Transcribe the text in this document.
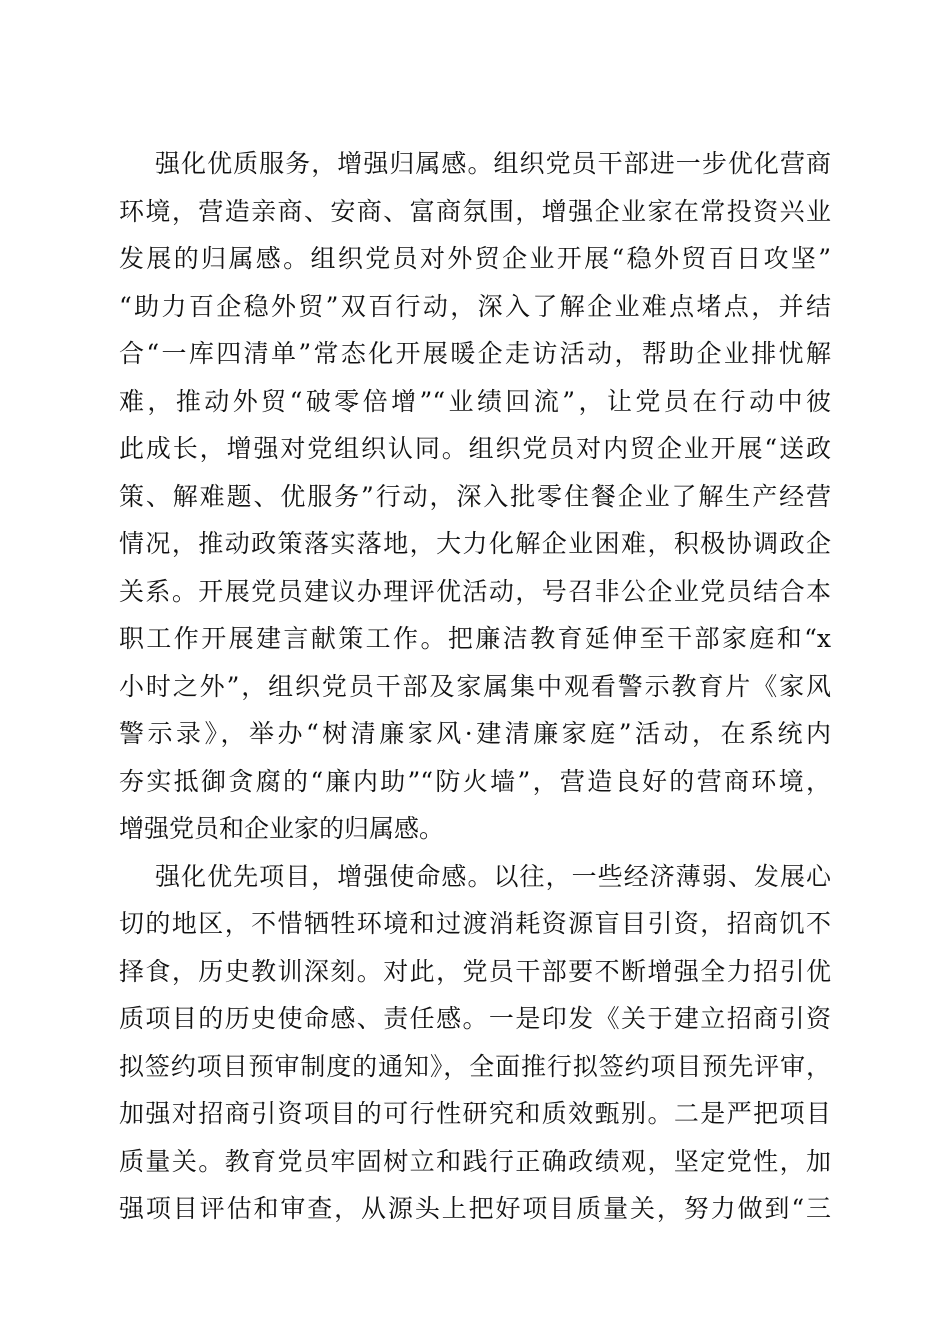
强化优质服务，增强归属感。组织党员干部进一步优化营商
环境，营造亲商、安商、富商氛围，增强企业家在常投资兴业
发展的归属感。组织党员对外贸企业开展“稳外贸百日攻坚”
“助力百企稳外贸”双百行动，深入了解企业难点堵点，并结
合“一库四清单”常态化开展暖企走访活动，帮助企业排忧解
难，推动外贸“破零倍增”“业绩回流”，让党员在行动中彼
此成长，增强对党组织认同。组织党员对内贸企业开展“送政
策、解难题、优服务”行动，深入批零住餐企业了解生产经营
情况，推动政策落实落地，大力化解企业困难，积极协调政企
关系。开展党员建议办理评优活动，号召非公企业党员结合本
职工作开展建言献策工作。把廉洁教育延伸至干部家庭和“x
小时之外”，组织党员干部及家属集中观看警示教育片《家风
警示录》，举办“树清廉家风·建清廉家庭”活动，在系统内
夯实抵御贪腐的“廉内助”“防火墙”，营造良好的营商环境，
增强党员和企业家的归属感。
强化优先项目，增强使命感。以往，一些经济薄弱、发展心
切的地区，不惜牺牲环境和过渡消耗资源盲目引资，招商饥不
择食，历史教训深刻。对此，党员干部要不断增强全力招引优
质项目的历史使命感、责任感。一是印发《关于建立招商引资
拟签约项目预审制度的通知》，全面推行拟签约项目预先评审，
加强对招商引资项目的可行性研究和质效甄别。二是严把项目
质量关。教育党员牢固树立和践行正确政绩观，坚定党性，加
强项目评估和审查，从源头上把好项目质量关，努力做到“三
